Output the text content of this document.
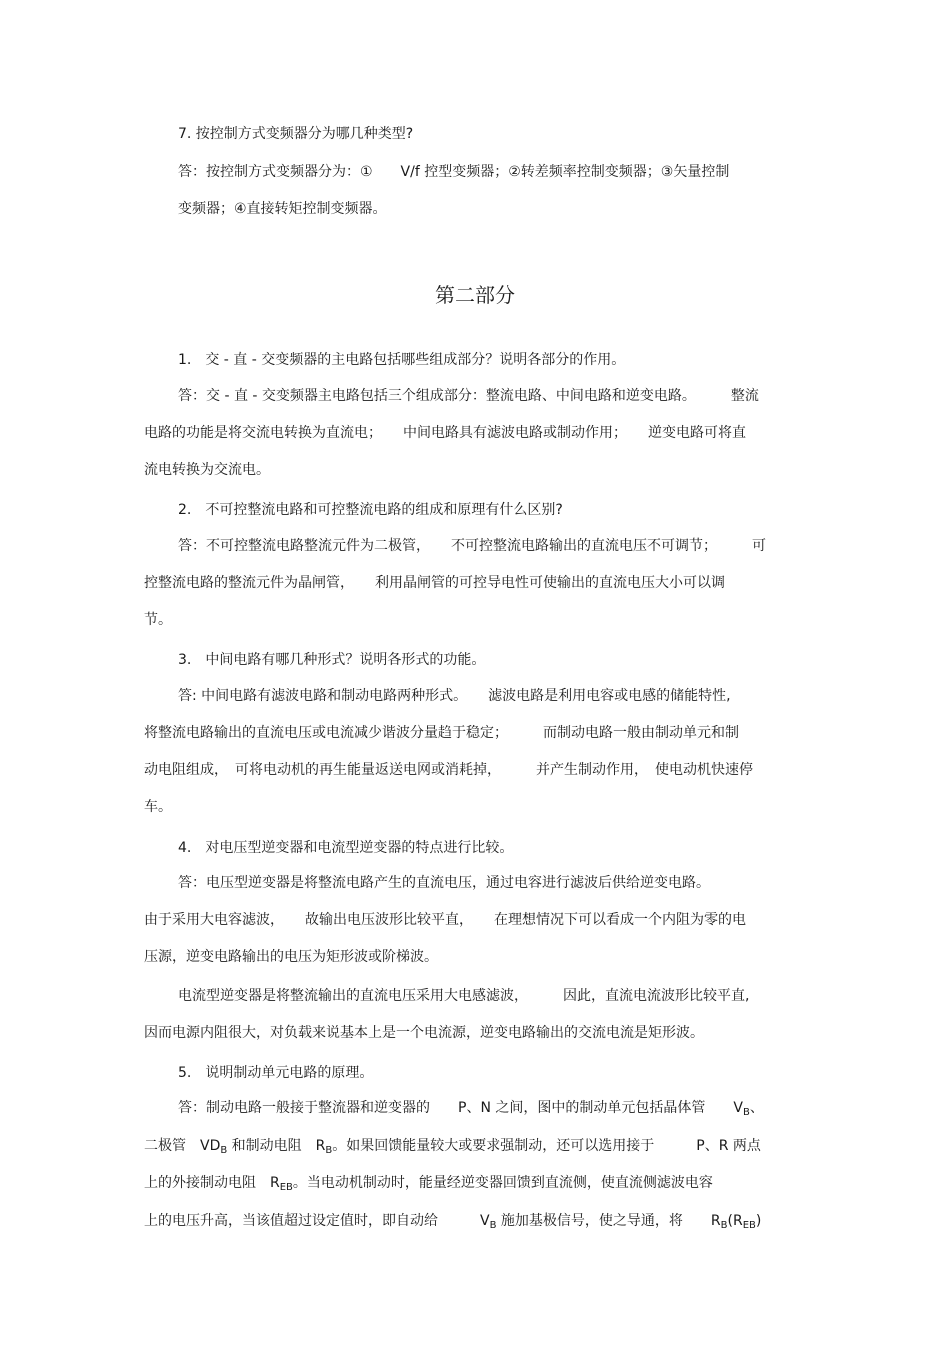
7. 按控制方式变频器分为哪几种类型?
答：按控制方式变频器分为：①　　V/f 控型变频器；②转差频率控制变频器；③矢量控制
变频器；④直接转矩控制变频器。
第二部分
1.　交 - 直 - 交变频器的主电路包括哪些组成部分？说明各部分的作用。
答：交 - 直 - 交变频器主电路包括三个组成部分：整流电路、中间电路和逆变电路。　　　整流
电路的功能是将交流电转换为直流电；　　中间电路具有滤波电路或制动作用；　　逆变电路可将直
流电转换为交流电。
2.　不可控整流电路和可控整流电路的组成和原理有什么区别?
答：不可控整流电路整流元件为二极管，　　不可控整流电路输出的直流电压不可调节；　　　可
控整流电路的整流元件为晶闸管，　　利用晶闸管的可控导电性可使输出的直流电压大小可以调
节。
3.　中间电路有哪几种形式？说明各形式的功能。
答: 中间电路有滤波电路和制动电路两种形式。　　滤波电路是利用电容或电感的储能特性,
将整流电路输出的直流电压或电流减少谐波分量趋于稳定；　　　而制动电路一般由制动单元和制
动电阻组成，　可将电动机的再生能量返送电网或消耗掉，　　　并产生制动作用，　使电动机快速停
车。
4.　对电压型逆变器和电流型逆变器的特点进行比较。
答：电压型逆变器是将整流电路产生的直流电压，通过电容进行滤波后供给逆变电路。
由于采用大电容滤波，　　故输出电压波形比较平直，　　在理想情况下可以看成一个内阻为零的电
压源，逆变电路输出的电压为矩形波或阶梯波。
电流型逆变器是将整流输出的直流电压采用大电感滤波，　　　因此，直流电流波形比较平直,
因而电源内阻很大，对负载来说基本上是一个电流源，逆变电路输出的交流电流是矩形波。
5.　说明制动单元电路的原理。
答：制动电路一般接于整流器和逆变器的　　P、N 之间，图中的制动单元包括晶体管　　$V_B$、
二极管　$VD_B$ 和制动电阻　$R_B$。如果回馈能量较大或要求强制动，还可以选用接于　　　P、R 两点
上的外接制动电阻　$R_{EB}$。当电动机制动时，能量经逆变器回馈到直流侧，使直流侧滤波电容
上的电压升高，当该值超过设定值时，即自动给　　　$V_B$ 施加基极信号，使之导通，将　　$R_B(R_{EB})$
